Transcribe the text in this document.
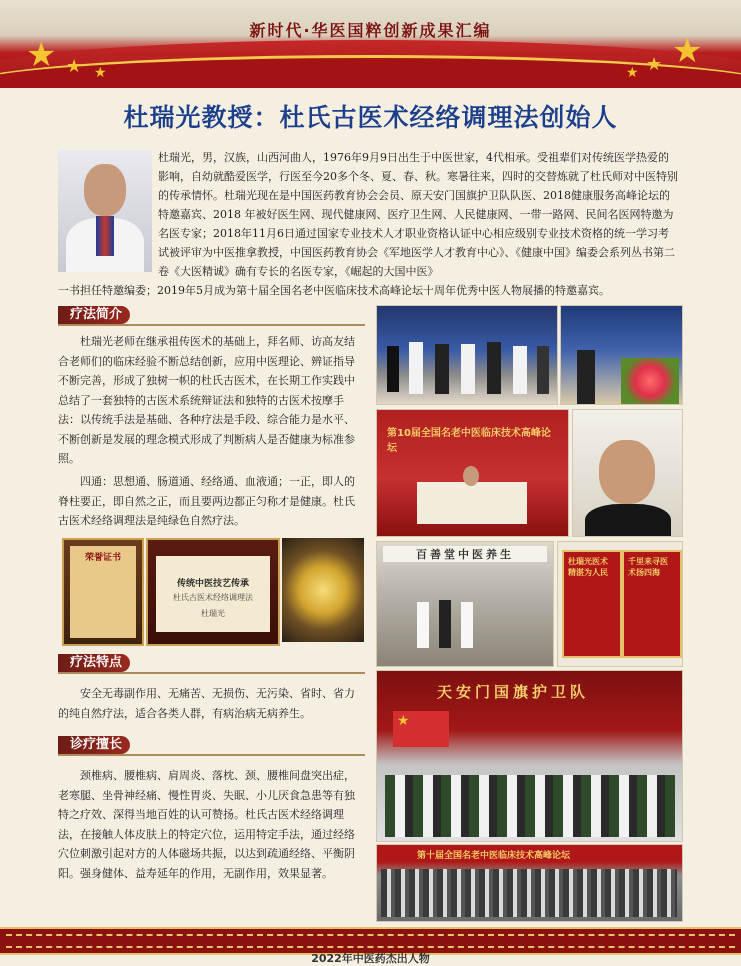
新时代·华医国粹创新成果汇编
★ ★ ★
★
★
★
杜瑞光教授：杜氏古医术经络调理法创始人

杜瑞光，男，汉族，山西河曲人，1976年9月9日出生于中医世家，4代相承。受祖辈们对传统医学热爱的影响，自幼就酷爱医学，行医至今20多个冬、夏、春、秋。寒暑往来，四时的交替炼就了杜氏师对中医特别的传承情怀。杜瑞光现在是中国医药教育协会会员、原天安门国旗护卫队队医、2018健康服务高峰论坛的特邀嘉宾、2018 年被好医生网、现代健康网、医疗卫生网、人民健康网、一带一路网、民间名医网特邀为名医专家；2018年11月6日通过国家专业技术人才职业资格认证中心相应级别专业技术资格的统一学习考试被评审为中医推拿教授，中国医药教育协会《军地医学人才教育中心》、《健康中国》编委会系列丛书第二卷《大医精诚》确有专长的名医专家，《崛起的大国中医》

一书担任特邀编委；2019年5月成为第十届全国名老中医临床技术高峰论坛十周年优秀中医人物展播的特邀嘉宾。

疗法简介

杜瑞光老师在继承祖传医术的基础上，拜名师、访高友结合老师们的临床经验不断总结创新，应用中医理论、辨证指导不断完善，形成了独树一帜的杜氏古医术，在长期工作实践中总结了一套独特的古医术系统辩证法和独特的古医术按摩手法：以传统手法是基础、各种疗法是手段、综合能力是水平、不断创新是发展的理念模式形成了判断病人是否健康为标准参照。

四通：思想通、肠道通、经络通、血液通；一正，即人的脊柱要正，即自然之正，而且要两边都正匀称才是健康。杜氏古医术经络调理法是纯绿色自然疗法。

荣誉证书
传统中医技艺传承
杜氏古医术经络调理法
杜瑞光
疗法特点

安全无毒副作用、无痛苦、无损伤、无污染、省时、省力的纯自然疗法，适合各类人群，有病治病无病养生。

诊疗擅长

颈椎病、腰椎病、肩周炎、落枕、颈、腰椎间盘突出症，老寒腿、坐骨神经痛、慢性胃炎、失眠、小儿厌食急患等有独特之疗效、深得当地百姓的认可赞扬。杜氏古医术经络调理法，在接触人体皮肤上的特定穴位，运用特定手法，通过经络穴位刺激引起对方的人体磁场共振，以达到疏通经络、平衡阴阳。强身健体、益寿延年的作用，无副作用，效果显著。

第10届全国名老中医临床技术高峰论坛
百善堂中医养生
杜瑞光医术精湛为人民
千里来寻医术扬四海
天安门国旗护卫队
★
第十届全国名老中医临床技术高峰论坛
2022年中医药杰出人物
